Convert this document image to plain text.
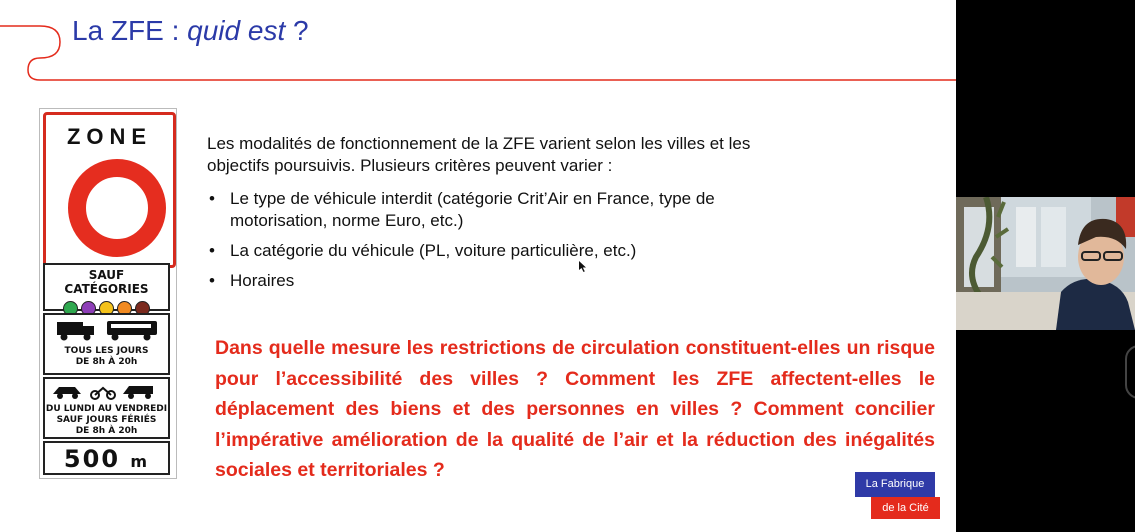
La ZFE : quid est ?
ZONE
SAUF CATÉGORIES
TOUS LES JOURS
DE 8h À 20h
DU LUNDI AU VENDREDI
SAUF JOURS FÉRIÉS
DE 8h À 20h
500 m
Les modalités de fonctionnement de la ZFE varient selon les villes et les objectifs poursuivis. Plusieurs critères peuvent varier :
• Le type de véhicule interdit (catégorie Crit’Air en France, type de motorisation, norme Euro, etc.)
• La catégorie du véhicule (PL, voiture particulière, etc.)
• Horaires
Dans quelle mesure les restrictions de circulation constituent-elles un risque pour l’accessibilité des villes ? Comment les ZFE affectent-elles le déplacement des biens et des personnes en villes ? Comment concilier l’impérative amélioration de la qualité de l’air et la réduction des inégalités sociales et territoriales ?
La Fabrique
de la Cité
